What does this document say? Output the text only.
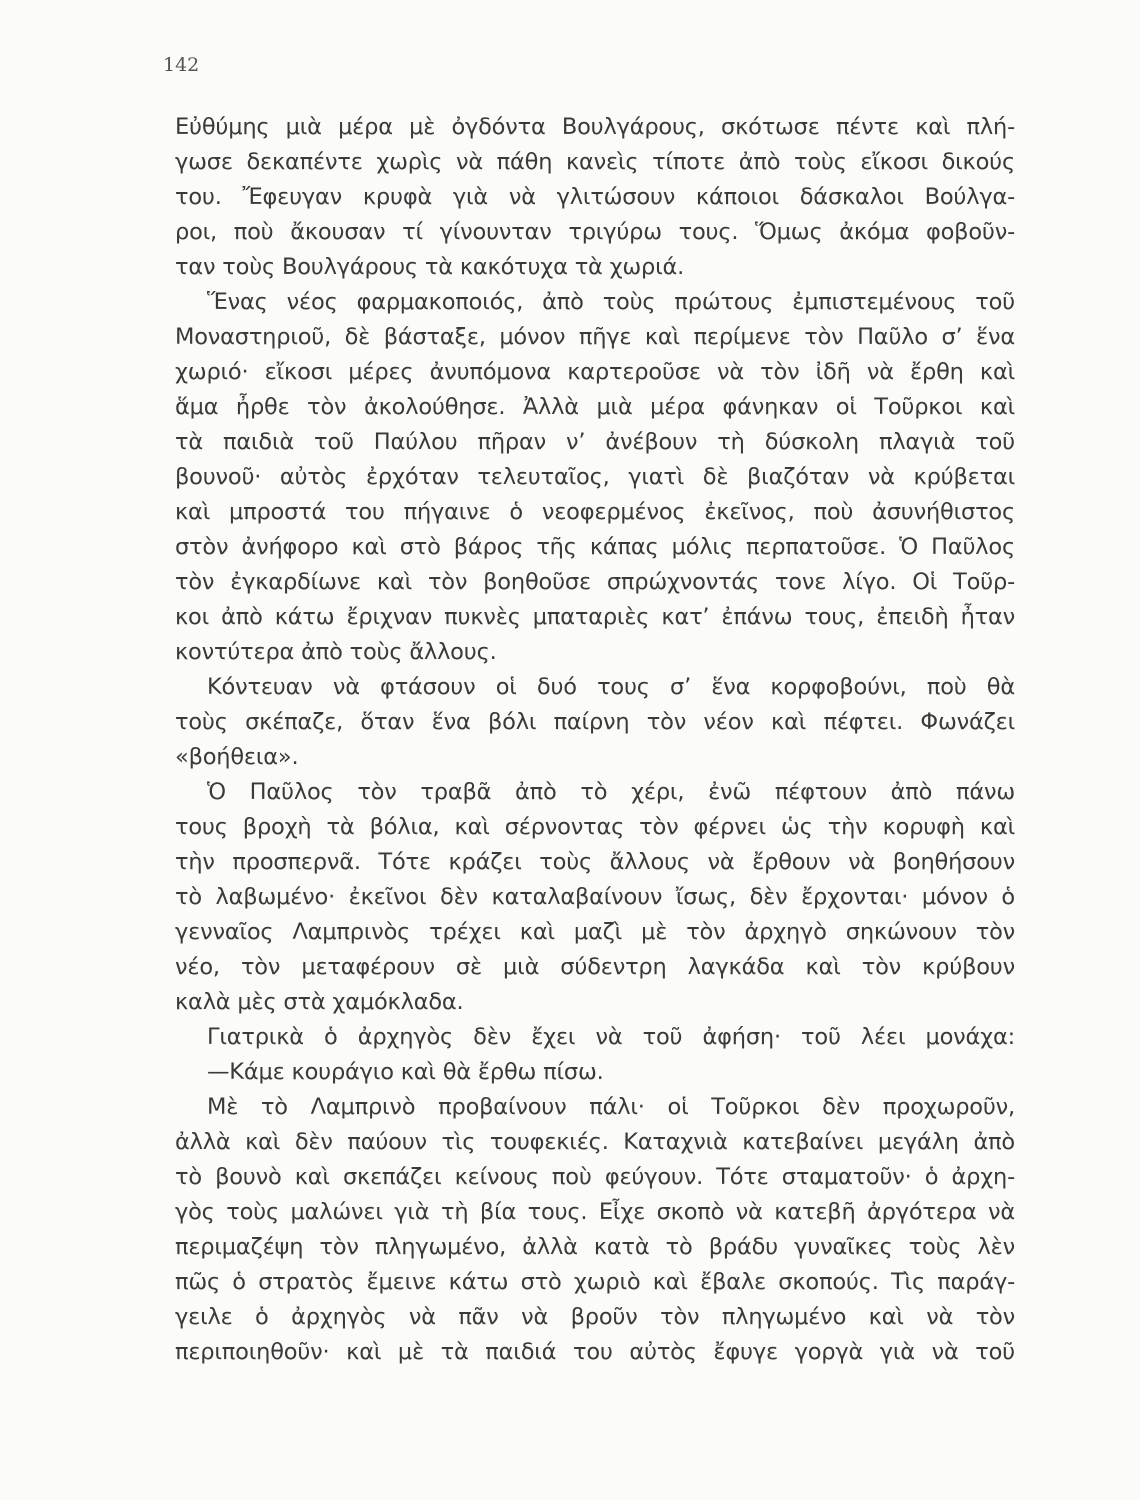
142
Εὐθύμης μιὰ μέρα μὲ ὀγδόντα Βουλγάρους, σκότωσε πέντε καὶ πλή-
γωσε δεκαπέντε χωρὶς νὰ πάθη κανεὶς τίποτε ἀπὸ τοὺς εἴκοσι δικούς
του. Ἔφευγαν κρυφὰ γιὰ νὰ γλιτώσουν κάποιοι δάσκαλοι Βούλγα-
ροι, ποὺ ἄκουσαν τί γίνουνταν τριγύρω τους. Ὅμως ἀκόμα φοβοῦν-
ταν τοὺς Βουλγάρους τὰ κακότυχα τὰ χωριά.
Ἕνας νέος φαρμακοποιός, ἀπὸ τοὺς πρώτους ἐμπιστεμένους τοῦ
Μοναστηριοῦ, δὲ βάσταξε, μόνον πῆγε καὶ περίμενε τὸν Παῦλο σ’ ἕνα
χωριό· εἴκοσι μέρες ἀνυπόμονα καρτεροῦσε νὰ τὸν ἰδῆ νὰ ἔρθη καὶ
ἅμα ἦρθε τὸν ἀκολούθησε. Ἀλλὰ μιὰ μέρα φάνηκαν οἱ Τοῦρκοι καὶ
τὰ παιδιὰ τοῦ Παύλου πῆραν ν’ ἀνέβουν τὴ δύσκολη πλαγιὰ τοῦ
βουνοῦ· αὐτὸς ἐρχόταν τελευταῖος, γιατὶ δὲ βιαζόταν νὰ κρύβεται
καὶ μπροστά του πήγαινε ὁ νεοφερμένος ἐκεῖνος, ποὺ ἀσυνήθιστος
στὸν ἀνήφορο καὶ στὸ βάρος τῆς κάπας μόλις περπατοῦσε. Ὁ Παῦλος
τὸν ἐγκαρδίωνε καὶ τὸν βοηθοῦσε σπρώχνοντάς τονε λίγο. Οἱ Τοῦρ-
κοι ἀπὸ κάτω ἔριχναν πυκνὲς μπαταριὲς κατ’ ἐπάνω τους, ἐπειδὴ ἦταν
κοντύτερα ἀπὸ τοὺς ἄλλους.
Κόντευαν νὰ φτάσουν οἱ δυό τους σ’ ἕνα κορφοβούνι, ποὺ θὰ
τοὺς σκέπαζε, ὅταν ἕνα βόλι παίρνη τὸν νέον καὶ πέφτει. Φωνάζει
«βοήθεια».
Ὁ Παῦλος τὸν τραβᾶ ἀπὸ τὸ χέρι, ἐνῶ πέφτουν ἀπὸ πάνω
τους βροχὴ τὰ βόλια, καὶ σέρνοντας τὸν φέρνει ὡς τὴν κορυφὴ καὶ
τὴν προσπερνᾶ. Τότε κράζει τοὺς ἄλλους νὰ ἔρθουν νὰ βοηθήσουν
τὸ λαβωμένο· ἐκεῖνοι δὲν καταλαβαίνουν ἴσως, δὲν ἔρχονται· μόνον ὁ
γενναῖος Λαμπρινὸς τρέχει καὶ μαζὶ μὲ τὸν ἀρχηγὸ σηκώνουν τὸν
νέο, τὸν μεταφέρουν σὲ μιὰ σύδεντρη λαγκάδα καὶ τὸν κρύβουν
καλὰ μὲς στὰ χαμόκλαδα.
Γιατρικὰ ὁ ἀρχηγὸς δὲν ἔχει νὰ τοῦ ἀφήση· τοῦ λέει μονάχα:
—Κάμε κουράγιο καὶ θὰ ἔρθω πίσω.
Μὲ τὸ Λαμπρινὸ προβαίνουν πάλι· οἱ Τοῦρκοι δὲν προχωροῦν,
ἀλλὰ καὶ δὲν παύουν τὶς τουφεκιές. Καταχνιὰ κατεβαίνει μεγάλη ἀπὸ
τὸ βουνὸ καὶ σκεπάζει κείνους ποὺ φεύγουν. Τότε σταματοῦν· ὁ ἀρχη-
γὸς τοὺς μαλώνει γιὰ τὴ βία τους. Εἶχε σκοπὸ νὰ κατεβῆ ἀργότερα νὰ
περιμαζέψη τὸν πληγωμένο, ἀλλὰ κατὰ τὸ βράδυ γυναῖκες τοὺς λὲν
πῶς ὁ στρατὸς ἔμεινε κάτω στὸ χωριὸ καὶ ἔβαλε σκοπούς. Τὶς παράγ-
γειλε ὁ ἀρχηγὸς νὰ πᾶν νὰ βροῦν τὸν πληγωμένο καὶ νὰ τὸν
περιποιηθοῦν· καὶ μὲ τὰ παιδιά του αὐτὸς ἔφυγε γοργὰ γιὰ νὰ τοῦ
